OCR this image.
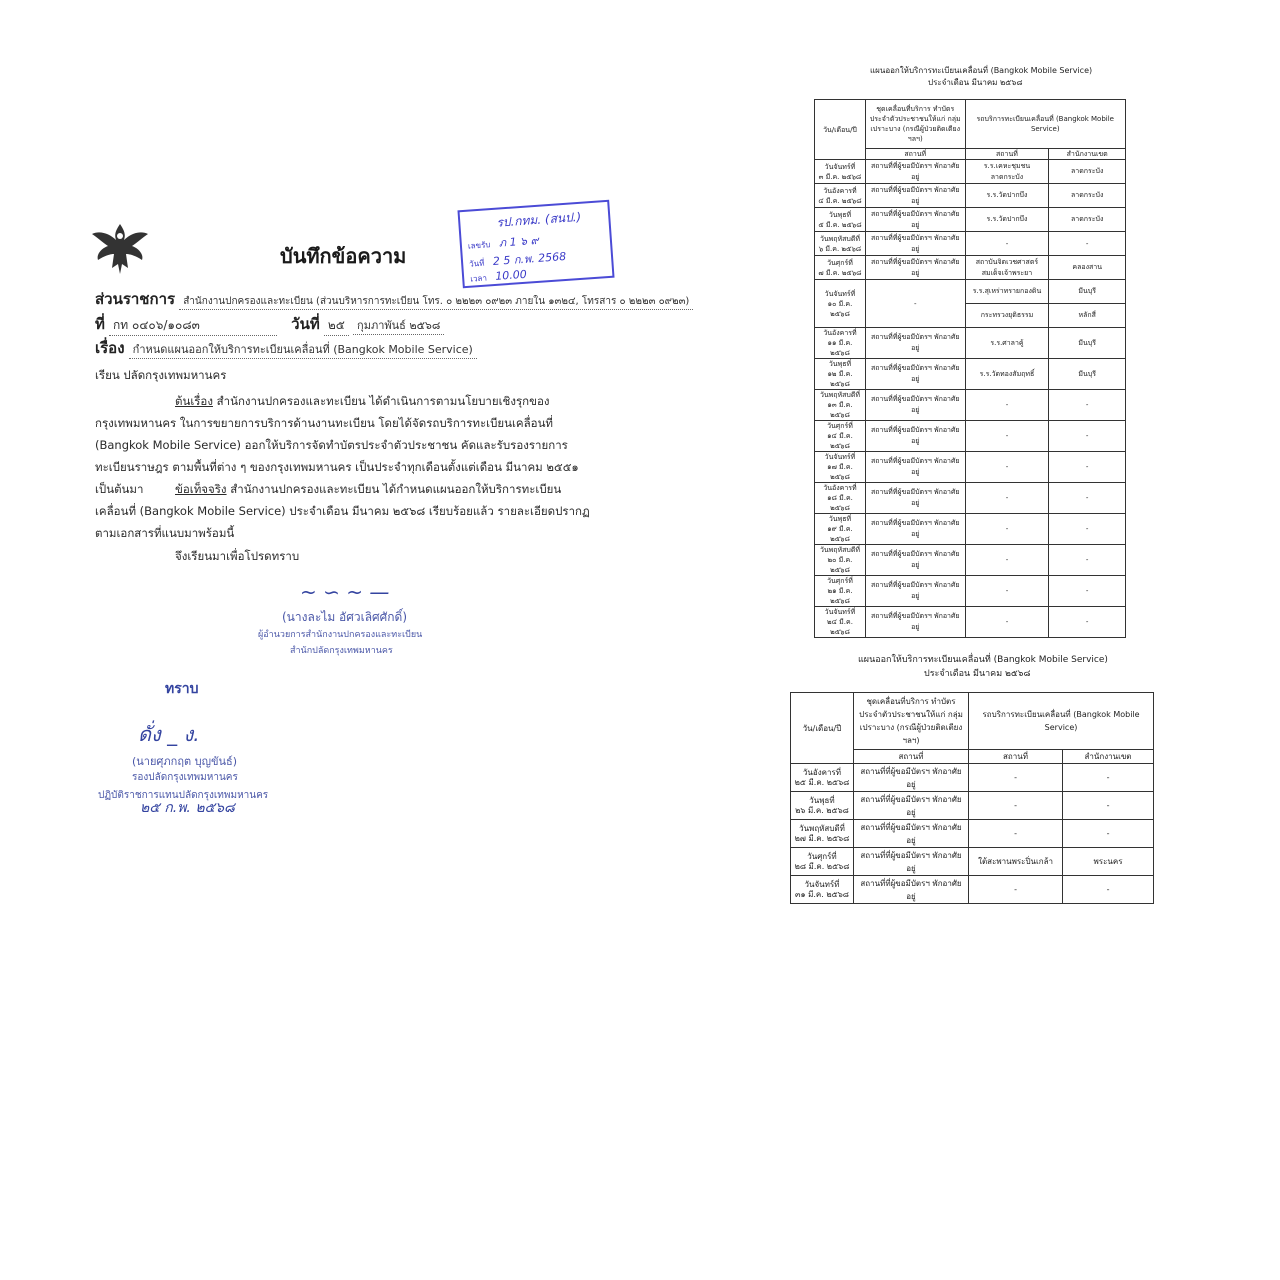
บันทึกข้อความ
รป.กทม. (สนป.)
เลขรับ ภ 1 ๖ ๙
วันที่ 2 5 ก.พ. 2568
เวลา 10.00
ส่วนราชการ สำนักงานปกครองและทะเบียน (ส่วนบริหารการทะเบียน โทร. ๐ ๒๒๒๓ ๐๙๒๓ ภายใน ๑๓๒๔, โทรสาร ๐ ๒๒๒๓ ๐๙๒๓)
ที่ กท ๐๔๐๖/๑๐๘๓	วันที่ ๒๕ กุมภาพันธ์ ๒๕๖๘
เรื่อง กำหนดแผนออกให้บริการทะเบียนเคลื่อนที่ (Bangkok Mobile Service)
เรียน ปลัดกรุงเทพมหานคร
ต้นเรื่อง สำนักงานปกครองและทะเบียน ได้ดำเนินการตามนโยบายเชิงรุกของกรุงเทพมหานคร ในการขยายการบริการด้านงานทะเบียน โดยได้จัดรถบริการทะเบียนเคลื่อนที่ (Bangkok Mobile Service) ออกให้บริการจัดทำบัตรประจำตัวประชาชน คัดและรับรองรายการทะเบียนราษฎร ตามพื้นที่ต่าง ๆ ของกรุงเทพมหานคร เป็นประจำทุกเดือนตั้งแต่เดือน มีนาคม ๒๕๕๑ เป็นต้นมา	ข้อเท็จจริง สำนักงานปกครองและทะเบียน ได้กำหนดแผนออกให้บริการทะเบียนเคลื่อนที่ (Bangkok Mobile Service) ประจำเดือน มีนาคม ๒๕๖๘ เรียบร้อยแล้ว รายละเอียดปรากฏตามเอกสารที่แนบมาพร้อมนี้
จึงเรียนมาเพื่อโปรดทราบ
~ ∽ ~ —
(นางละไม อัศวเลิศศักดิ์)
ผู้อำนวยการสำนักงานปกครองและทะเบียน
สำนักปลัดกรุงเทพมหานคร
ทราบ
ดั่ง _ ง.
(นายศุภกฤต บุญขันธ์)
รองปลัดกรุงเทพมหานคร
ปฏิบัติราชการแทนปลัดกรุงเทพมหานคร
๒๕ ก.พ. ๒๕๖๘
แผนออกให้บริการทะเบียนเคลื่อนที่ (Bangkok Mobile Service)
ประจำเดือน มีนาคม ๒๕๖๘
วัน/เดือน/ปี	ชุดเคลื่อนที่บริการ ทำบัตรประจำตัวประชาชนให้แก่ กลุ่มเปราะบาง (กรณีผู้ป่วยติดเตียง ฯลฯ)	รถบริการทะเบียนเคลื่อนที่ (Bangkok Mobile Service)	
	สถานที่	สถานที่	สำนักงานเขต

วันจันทร์ที่
๓ มี.ค. ๒๕๖๘	สถานที่ที่ผู้ขอมีบัตรฯ พักอาศัยอยู่	ร.ร.เคหะชุมชน ลาดกระบัง	ลาดกระบัง

วันอังคารที่
๔ มี.ค. ๒๕๖๘	สถานที่ที่ผู้ขอมีบัตรฯ พักอาศัยอยู่	ร.ร.วัดปากบึง	ลาดกระบัง

วันพุธที่
๕ มี.ค. ๒๕๖๘	สถานที่ที่ผู้ขอมีบัตรฯ พักอาศัยอยู่	ร.ร.วัดปากบึง	ลาดกระบัง

วันพฤหัสบดีที่
๖ มี.ค. ๒๕๖๘	สถานที่ที่ผู้ขอมีบัตรฯ พักอาศัยอยู่	-	-

วันศุกร์ที่
๗ มี.ค. ๒๕๖๘	สถานที่ที่ผู้ขอมีบัตรฯ พักอาศัยอยู่	สถาบันจิตเวชศาสตร์ สมเด็จเจ้าพระยา	คลองสาน

วันจันทร์ที่
๑๐ มี.ค. ๒๕๖๘	-	ร.ร.สุเหร่าทรายกองดิน	มีนบุรี
		กระทรวงยุติธรรม	หลักสี่

วันอังคารที่
๑๑ มี.ค. ๒๕๖๘	สถานที่ที่ผู้ขอมีบัตรฯ พักอาศัยอยู่	ร.ร.ศาลาคู้	มีนบุรี

วันพุธที่
๑๒ มี.ค. ๒๕๖๘	สถานที่ที่ผู้ขอมีบัตรฯ พักอาศัยอยู่	ร.ร.วัดทองสัมฤทธิ์	มีนบุรี

วันพฤหัสบดีที่
๑๓ มี.ค. ๒๕๖๘	สถานที่ที่ผู้ขอมีบัตรฯ พักอาศัยอยู่	-	-

วันศุกร์ที่
๑๔ มี.ค. ๒๕๖๘	สถานที่ที่ผู้ขอมีบัตรฯ พักอาศัยอยู่	-	-

วันจันทร์ที่
๑๗ มี.ค. ๒๕๖๘	สถานที่ที่ผู้ขอมีบัตรฯ พักอาศัยอยู่	-	-

วันอังคารที่
๑๘ มี.ค. ๒๕๖๘	สถานที่ที่ผู้ขอมีบัตรฯ พักอาศัยอยู่	-	-

วันพุธที่
๑๙ มี.ค. ๒๕๖๘	สถานที่ที่ผู้ขอมีบัตรฯ พักอาศัยอยู่	-	-

วันพฤหัสบดีที่
๒๐ มี.ค. ๒๕๖๘	สถานที่ที่ผู้ขอมีบัตรฯ พักอาศัยอยู่	-	-

วันศุกร์ที่
๒๑ มี.ค. ๒๕๖๘	สถานที่ที่ผู้ขอมีบัตรฯ พักอาศัยอยู่	-	-

วันจันทร์ที่
๒๔ มี.ค. ๒๕๖๘	สถานที่ที่ผู้ขอมีบัตรฯ พักอาศัยอยู่	-	-
แผนออกให้บริการทะเบียนเคลื่อนที่ (Bangkok Mobile Service)
ประจำเดือน มีนาคม ๒๕๖๘
วัน/เดือน/ปี	ชุดเคลื่อนที่บริการ ทำบัตรประจำตัวประชาชนให้แก่ กลุ่มเปราะบาง (กรณีผู้ป่วยติดเตียง ฯลฯ)	รถบริการทะเบียนเคลื่อนที่ (Bangkok Mobile Service)	
	สถานที่	สถานที่	สำนักงานเขต

วันอังคารที่
๒๕ มี.ค. ๒๕๖๘	สถานที่ที่ผู้ขอมีบัตรฯ พักอาศัยอยู่	-	-

วันพุธที่
๒๖ มี.ค. ๒๕๖๘	สถานที่ที่ผู้ขอมีบัตรฯ พักอาศัยอยู่	-	-

วันพฤหัสบดีที่
๒๗ มี.ค. ๒๕๖๘	สถานที่ที่ผู้ขอมีบัตรฯ พักอาศัยอยู่	-	-

วันศุกร์ที่
๒๘ มี.ค. ๒๕๖๘	สถานที่ที่ผู้ขอมีบัตรฯ พักอาศัยอยู่	ใต้สะพานพระปิ่นเกล้า	พระนคร

วันจันทร์ที่
๓๑ มี.ค. ๒๕๖๘	สถานที่ที่ผู้ขอมีบัตรฯ พักอาศัยอยู่	-	-
